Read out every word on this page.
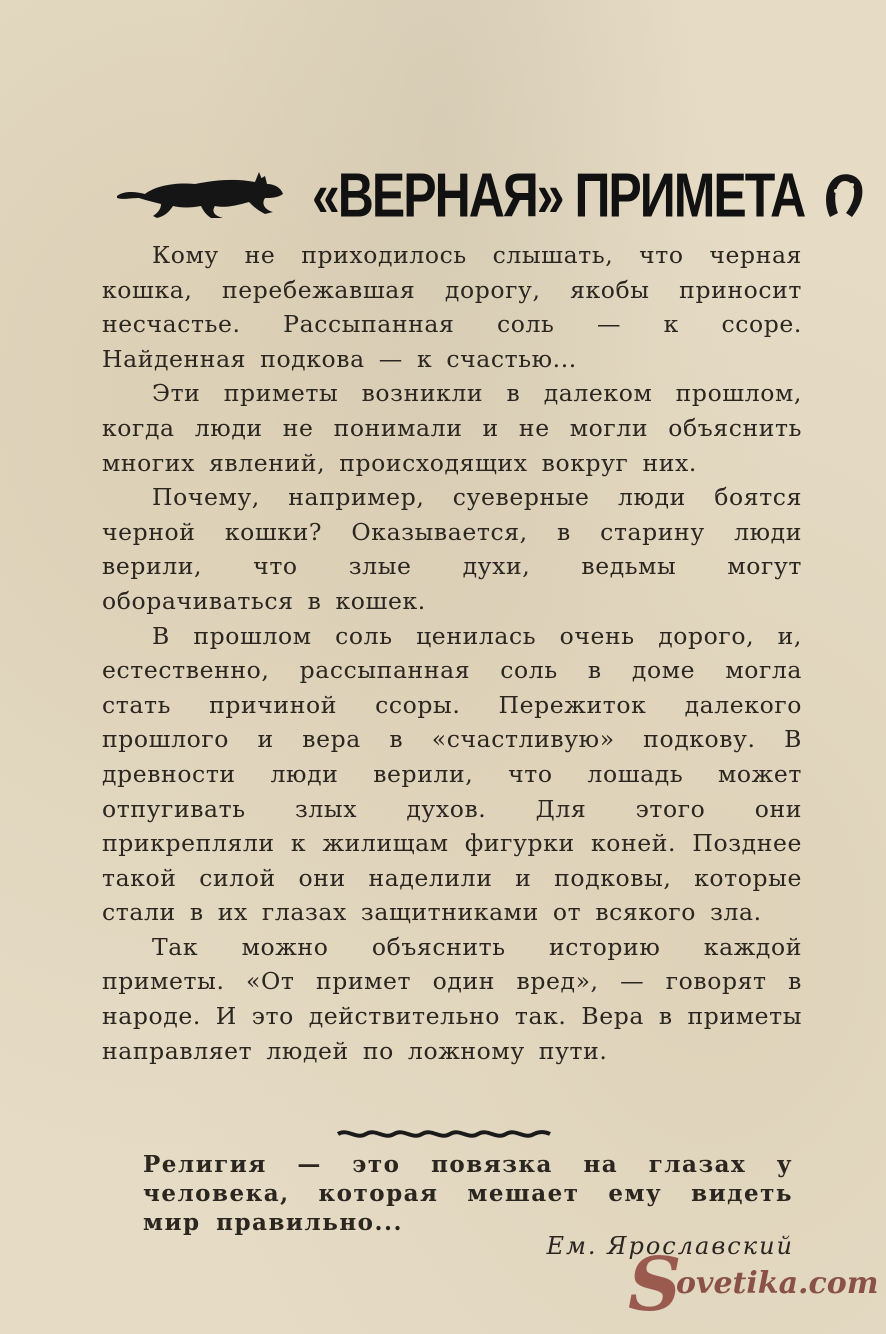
«ВЕРНАЯ» ПРИМЕТА

Кому не приходилось слышать, что черная кошка, перебежавшая дорогу, якобы приносит несчастье. Рассыпанная соль — к ссоре. Найденная подкова — к счастью...

Эти приметы возникли в далеком прошлом, когда люди не понимали и не могли объяснить многих явлений, происходящих вокруг них.

Почему, например, суеверные люди боятся черной кошки? Оказывается, в старину люди верили, что злые духи, ведьмы могут оборачиваться в кошек.

В прошлом соль ценилась очень дорого, и, естественно, рассыпанная соль в доме могла стать причиной ссоры. Пережиток далекого прошлого и вера в «счастливую» подкову. В древности люди верили, что лошадь может отпугивать злых духов. Для этого они прикрепляли к жилищам фигурки коней. Позднее такой силой они наделили и подковы, которые стали в их глазах защитниками от всякого зла.

Так можно объяснить историю каждой приметы. «От примет один вред», — говорят в народе. И это действительно так. Вера в приметы направляет людей по ложному пути.

Религия — это повязка на глазах у человека, которая мешает ему видеть мир правильно...
Ем. Ярославский
S
ovetika.com
